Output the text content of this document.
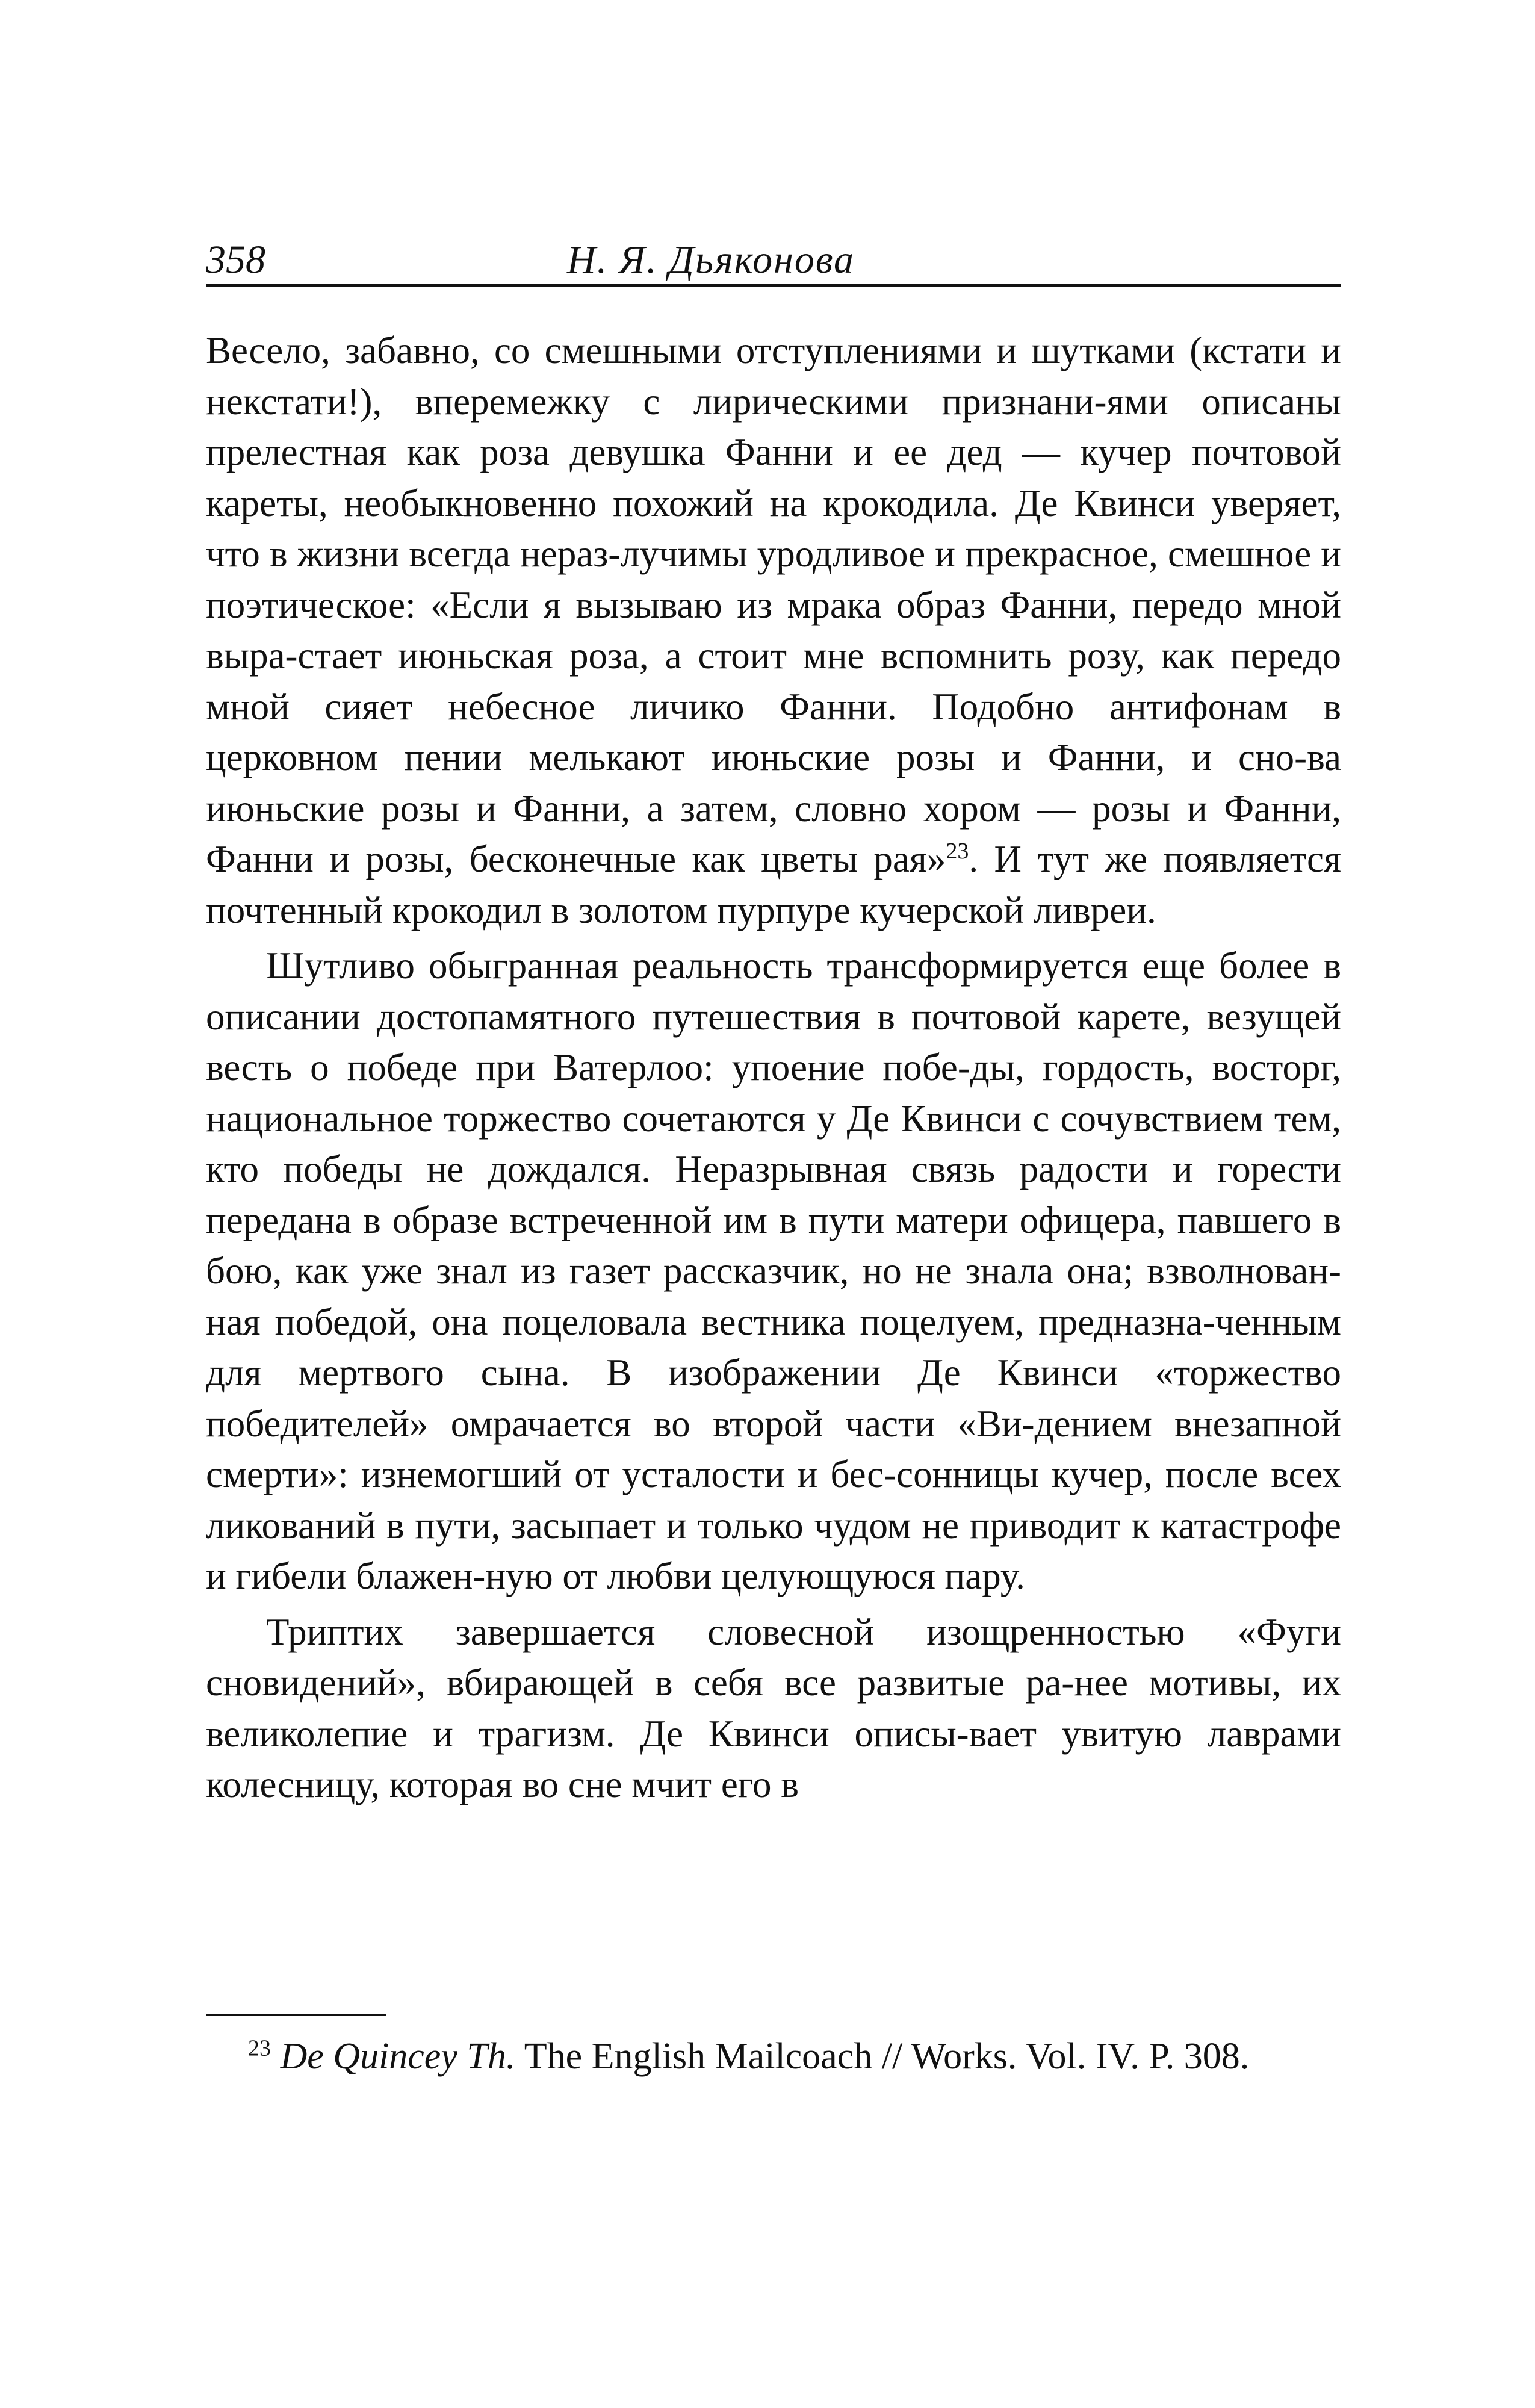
358	Н. Я. Дьяконова

Весело, забавно, со смешными отступлениями и шутками (кстати и некстати!), вперемежку с лирическими признани-ями описаны прелестная как роза девушка Фанни и ее дед — кучер почтовой кареты, необыкновенно похожий на крокодила. Де Квинси уверяет, что в жизни всегда нераз-лучимы уродливое и прекрасное, смешное и поэтическое: «Если я вызываю из мрака образ Фанни, передо мной выра-стает июньская роза, а стоит мне вспомнить розу, как передо мной сияет небесное личико Фанни. Подобно антифонам в церковном пении мелькают июньские розы и Фанни, и сно-ва июньские розы и Фанни, а затем, словно хором — розы и Фанни, Фанни и розы, бесконечные как цветы рая»$^{23}$. И тут же появляется почтенный крокодил в золотом пурпуре кучерской ливреи.

Шутливо обыгранная реальность трансформируется еще более в описании достопамятного путешествия в почтовой карете, везущей весть о победе при Ватерлоо: упоение побе-ды, гордость, восторг, национальное торжество сочетаются у Де Квинси с сочувствием тем, кто победы не дождался. Неразрывная связь радости и горести передана в образе встреченной им в пути матери офицера, павшего в бою, как уже знал из газет рассказчик, но не знала она; взволнован-ная победой, она поцеловала вестника поцелуем, предназна-ченным для мертвого сына. В изображении Де Квинси «торжество победителей» омрачается во второй части «Ви-дением внезапной смерти»: изнемогший от усталости и бес-сонницы кучер, после всех ликований в пути, засыпает и только чудом не приводит к катастрофе и гибели блажен-ную от любви целующуюся пару.

Триптих завершается словесной изощренностью «Фуги сновидений», вбирающей в себя все развитые ра-нее мотивы, их великолепие и трагизм. Де Квинси описы-вает увитую лаврами колесницу, которая во сне мчит его в

$^{23}$ De Quincey Th. The English Mailcoach // Works. Vol. IV. P. 308.
